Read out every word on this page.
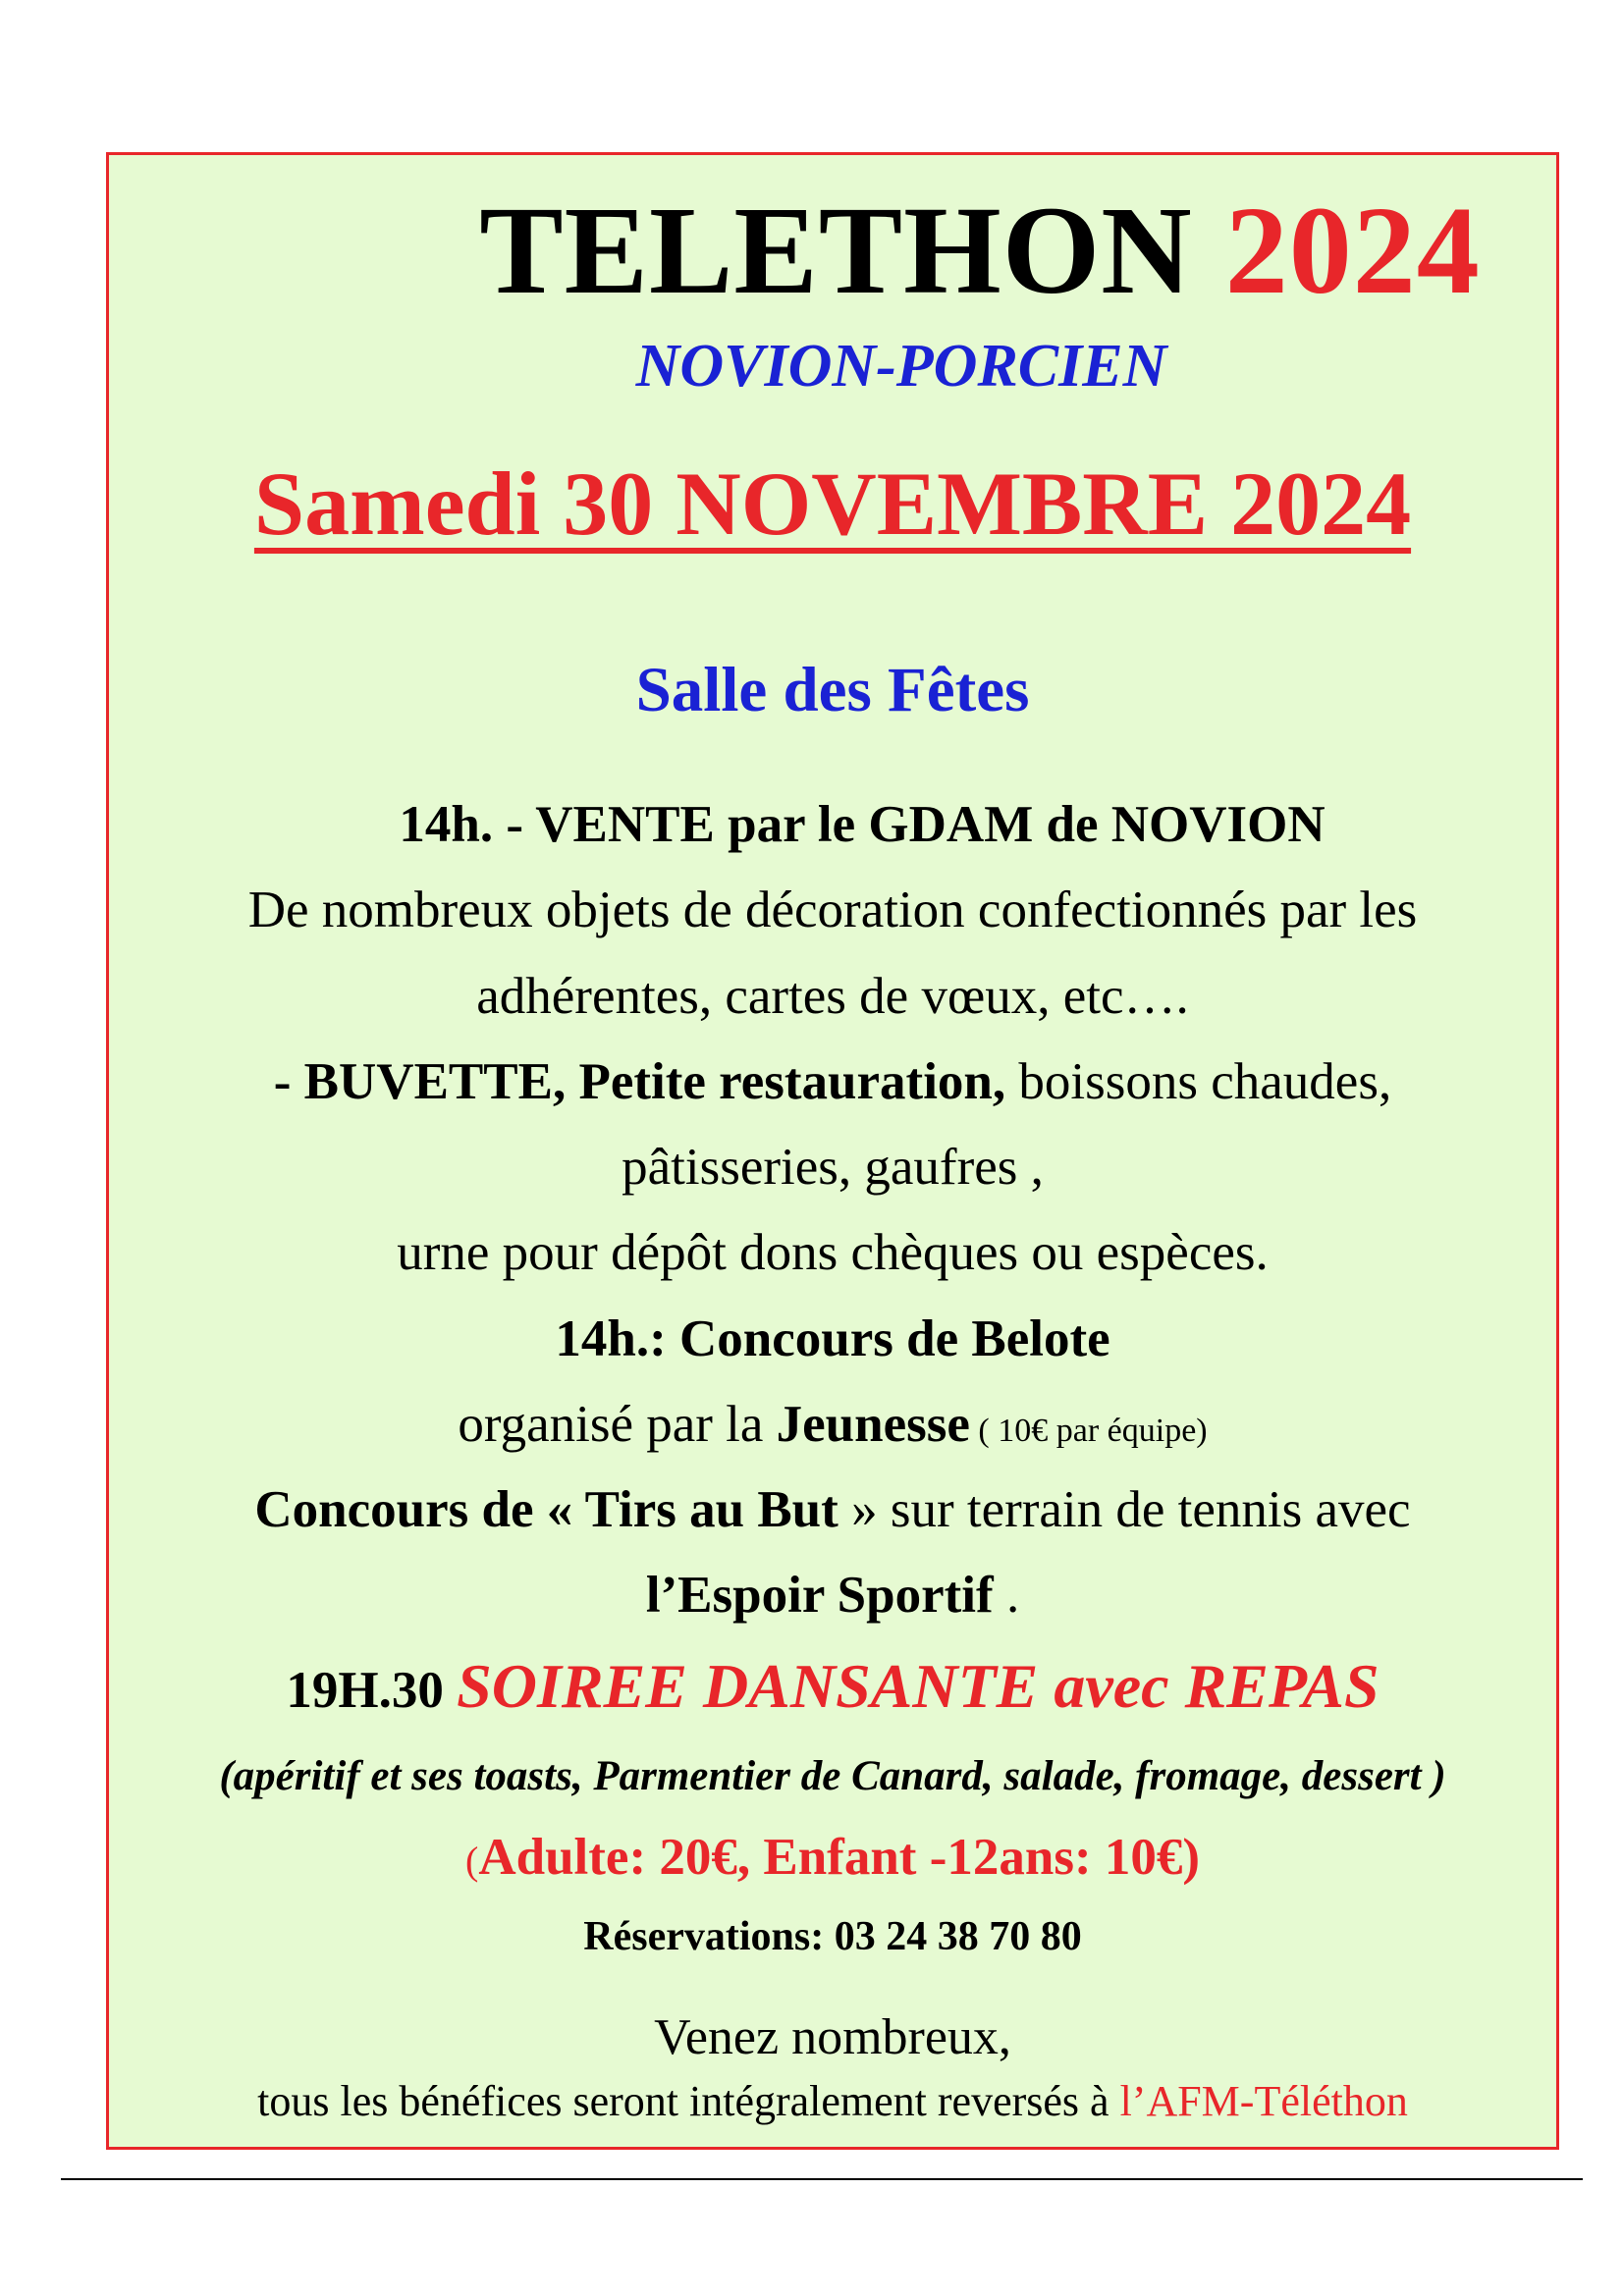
TELETHON 2024

NOVION-PORCIEN

Samedi 30 NOVEMBRE 2024

Salle des Fêtes

14h. - VENTE par le GDAM de NOVION

De nombreux objets de décoration confectionnés par les

adhérentes, cartes de vœux, etc….

- BUVETTE, Petite restauration, boissons chaudes,

pâtisseries, gaufres ,

urne pour dépôt dons chèques ou espèces.

14h.: Concours de Belote

organisé par la Jeunesse ( 10€ par équipe)

Concours de « Tirs au But » sur terrain de tennis avec

l’Espoir Sportif .

19H.30 SOIREE DANSANTE avec REPAS

(apéritif et ses toasts, Parmentier de Canard, salade, fromage, dessert )

(Adulte: 20€, Enfant -12ans: 10€)

Réservations: 03 24 38 70 80

Venez nombreux,

tous les bénéfices seront intégralement reversés à l’AFM-Téléthon
